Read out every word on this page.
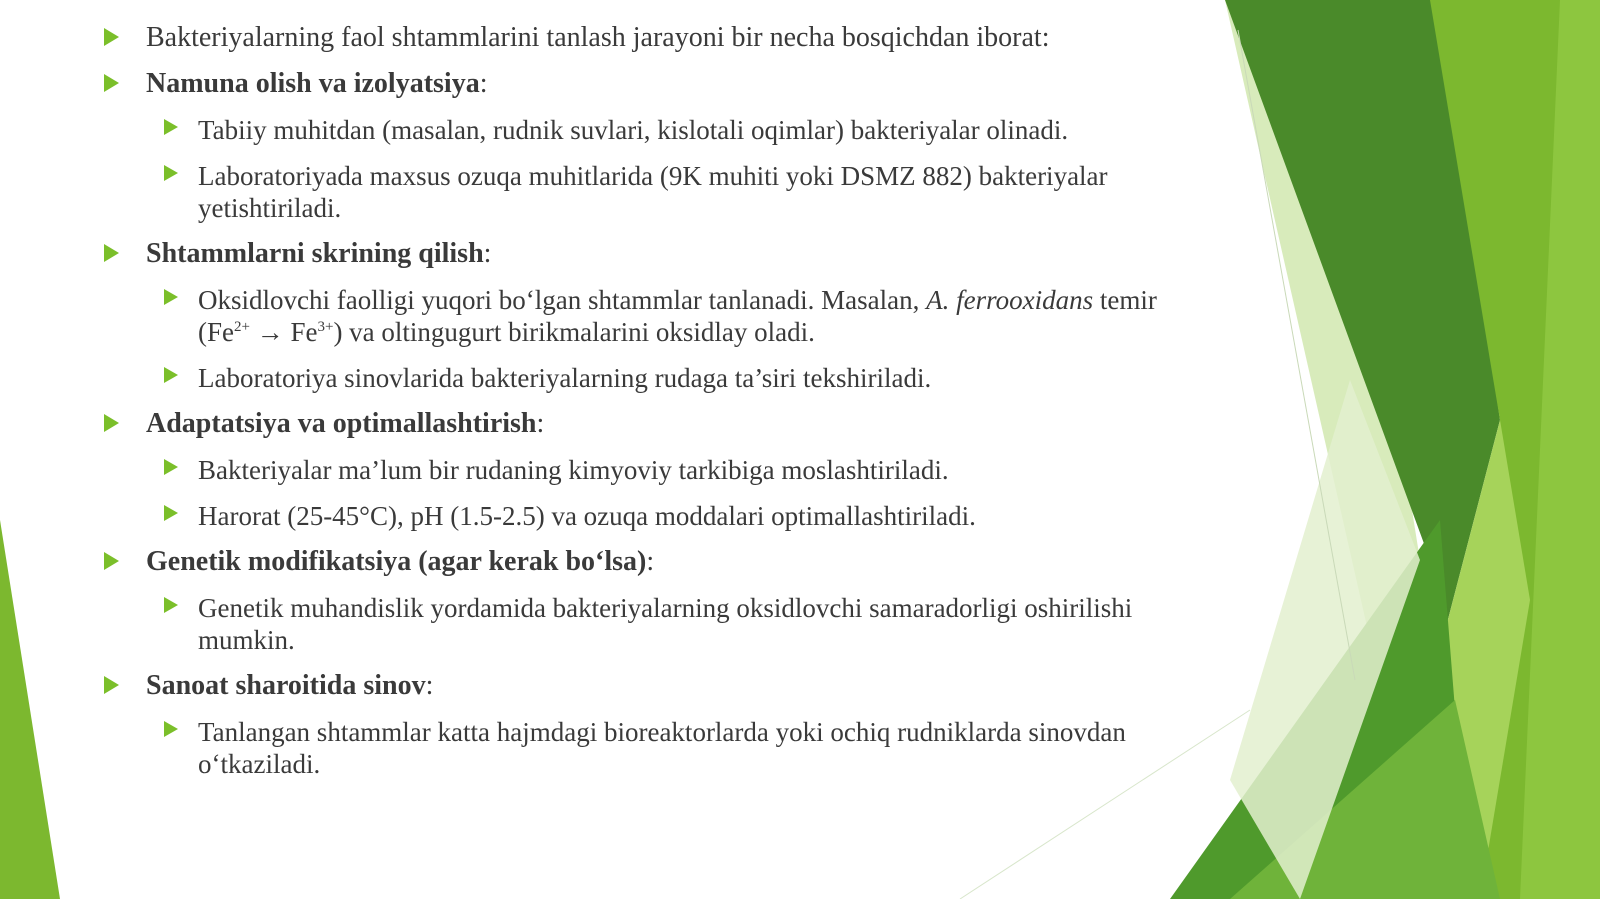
Bakteriyalarning faol shtammlarini tanlash jarayoni bir necha bosqichdan iborat:
Namuna olish va izolyatsiya:
Tabiiy muhitdan (masalan, rudnik suvlari, kislotali oqimlar) bakteriyalar olinadi.
Laboratoriyada maxsus ozuqa muhitlarida (9K muhiti yoki DSMZ 882) bakteriyalar yetishtiriladi.
Shtammlarni skrining qilish:
Oksidlovchi faolligi yuqori bo‘lgan shtammlar tanlanadi. Masalan, A. ferrooxidans temir $(Fe^{2+} \to Fe^{3+})$ va oltingugurt birikmalarini oksidlay oladi.
Laboratoriya sinovlarida bakteriyalarning rudaga ta’siri tekshiriladi.
Adaptatsiya va optimallashtirish:
Bakteriyalar ma’lum bir rudaning kimyoviy tarkibiga moslashtiriladi.
Harorat (25-45°C), pH (1.5-2.5) va ozuqa moddalari optimallashtiriladi.
Genetik modifikatsiya (agar kerak bo‘lsa):
Genetik muhandislik yordamida bakteriyalarning oksidlovchi samaradorligi oshirilishi mumkin.
Sanoat sharoitida sinov:
Tanlangan shtammlar katta hajmdagi bioreaktorlarda yoki ochiq rudniklarda sinovdan o‘tkaziladi.
